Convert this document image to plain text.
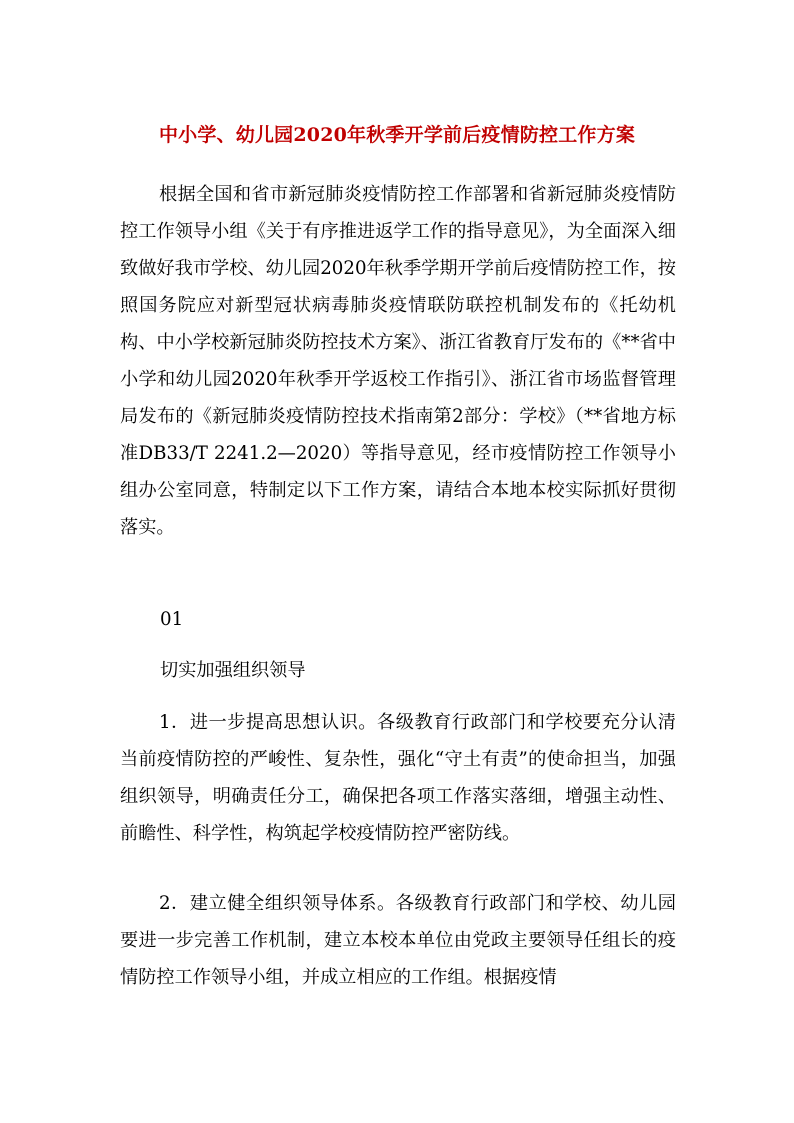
中小学、幼儿园2020年秋季开学前后疫情防控工作方案
根据全国和省市新冠肺炎疫情防控工作部署和省新冠肺炎疫情防控工作领导小组《关于有序推进返学工作的指导意见》，为全面深入细致做好我市学校、幼儿园2020年秋季学期开学前后疫情防控工作，按照国务院应对新型冠状病毒肺炎疫情联防联控机制发布的《托幼机构、中小学校新冠肺炎防控技术方案》、浙江省教育厅发布的《**省中小学和幼儿园2020年秋季开学返校工作指引》、浙江省市场监督管理局发布的《新冠肺炎疫情防控技术指南第2部分：学校》（**省地方标准DB33/T 2241.2—2020）等指导意见，经市疫情防控工作领导小组办公室同意，特制定以下工作方案，请结合本地本校实际抓好贯彻落实。
01
切实加强组织领导
1．进一步提高思想认识。各级教育行政部门和学校要充分认清当前疫情防控的严峻性、复杂性，强化“守土有责”的使命担当，加强组织领导，明确责任分工，确保把各项工作落实落细，增强主动性、前瞻性、科学性，构筑起学校疫情防控严密防线。
2．建立健全组织领导体系。各级教育行政部门和学校、幼儿园要进一步完善工作机制，建立本校本单位由党政主要领导任组长的疫情防控工作领导小组，并成立相应的工作组。根据疫情
